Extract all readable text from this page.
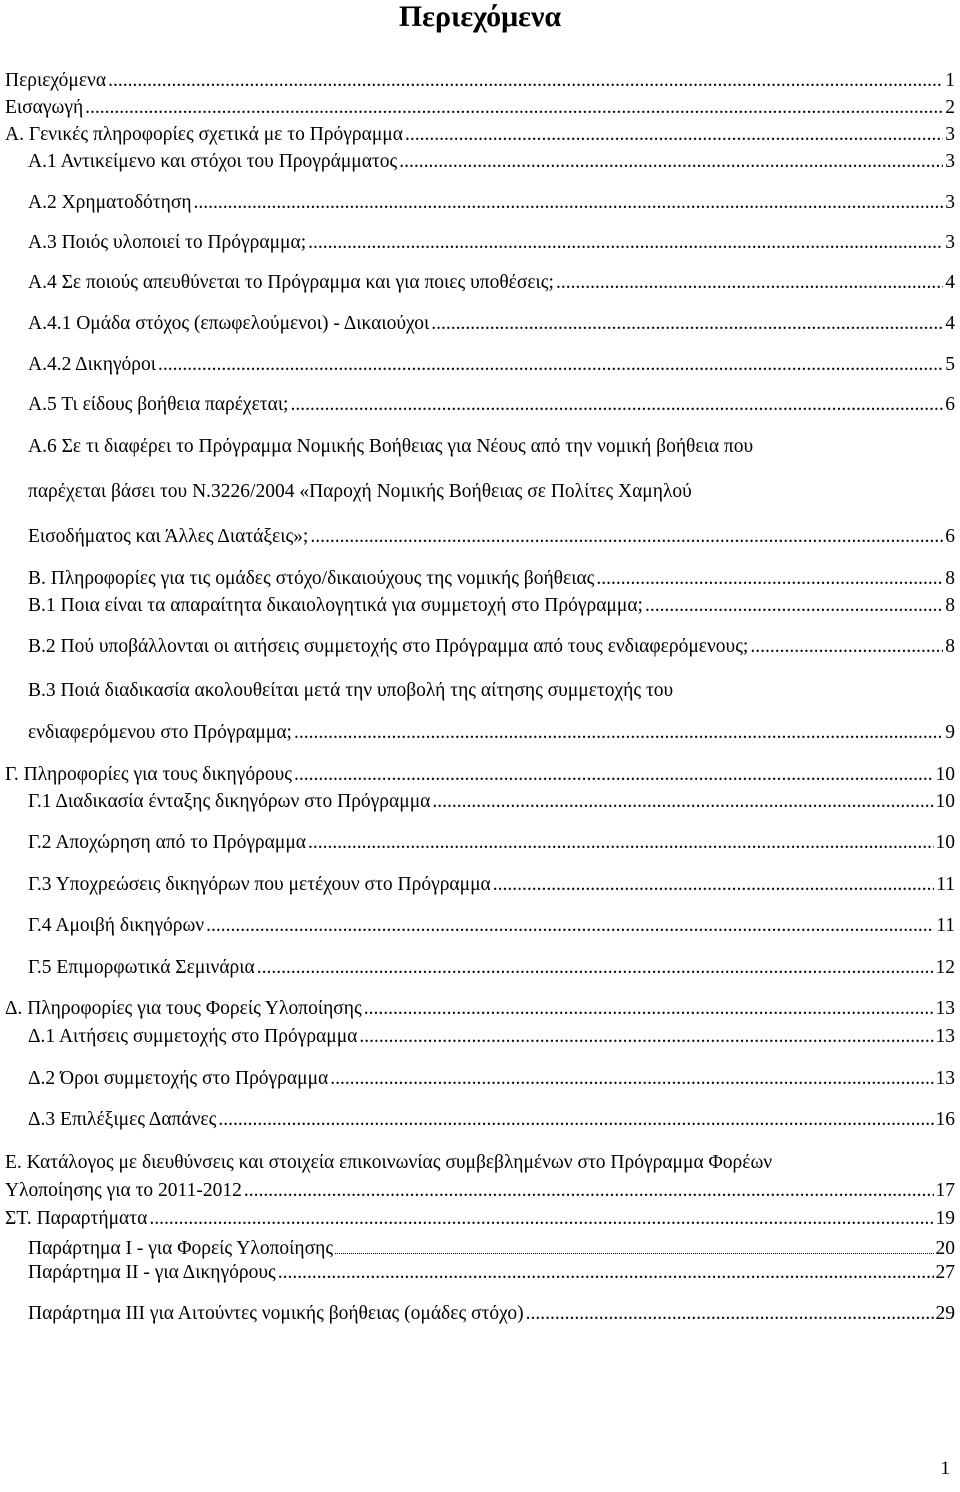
Περιεχόμενα
Περιεχόμενα .....	1
Εισαγωγή .....	2
Α. Γενικές πληροφορίες σχετικά με το Πρόγραμμα .....	3
Α.1 Αντικείμενο και στόχοι του Προγράμματος .....	3
Α.2 Χρηματοδότηση .....	3
Α.3 Ποιός υλοποιεί το Πρόγραμμα; .....	3
Α.4 Σε ποιούς απευθύνεται το Πρόγραμμα και για ποιες υποθέσεις; .....	4
Α.4.1 Ομάδα στόχος (επωφελούμενοι) - Δικαιούχοι .....	4
Α.4.2 Δικηγόροι .....	5
Α.5 Τι είδους βοήθεια παρέχεται; .....	6
Α.6 Σε τι διαφέρει το Πρόγραμμα Νομικής Βοήθειας για Νέους από την νομική βοήθεια που
παρέχεται βάσει του Ν.3226/2004 «Παροχή Νομικής Βοήθειας σε Πολίτες Χαμηλού
Εισοδήματος και Άλλες Διατάξεις»; .....	6
Β. Πληροφορίες για τις ομάδες στόχο/δικαιούχους της νομικής βοήθειας .....	8
Β.1 Ποια είναι τα απαραίτητα δικαιολογητικά για συμμετοχή στο Πρόγραμμα; .....	8
Β.2 Πού υποβάλλονται οι αιτήσεις συμμετοχής στο Πρόγραμμα από τους ενδιαφερόμενους; .....	8
Β.3 Ποιά διαδικασία ακολουθείται μετά την υποβολή της αίτησης συμμετοχής του
ενδιαφερόμενου στο Πρόγραμμα; .....	9
Γ. Πληροφορίες για τους δικηγόρους .....	10
Γ.1 Διαδικασία ένταξης δικηγόρων στο Πρόγραμμα .....	10
Γ.2 Αποχώρηση από το Πρόγραμμα .....	10
Γ.3 Υποχρεώσεις δικηγόρων που μετέχουν στο Πρόγραμμα .....	11
Γ.4 Αμοιβή δικηγόρων .....	11
Γ.5 Επιμορφωτικά Σεμινάρια .....	12
Δ. Πληροφορίες για τους Φορείς Υλοποίησης .....	13
Δ.1 Αιτήσεις συμμετοχής στο Πρόγραμμα .....	13
Δ.2 Όροι συμμετοχής στο Πρόγραμμα .....	13
Δ.3 Επιλέξιμες Δαπάνες .....	16
Ε. Κατάλογος με διευθύνσεις και στοιχεία επικοινωνίας συμβεβλημένων στο Πρόγραμμα Φορέων
Υλοποίησης για το 2011-2012 .....	17
ΣΤ. Παραρτήματα .....	19
Παράρτημα Ι - για Φορείς Υλοποίησης	20
Παράρτημα ΙΙ - για Δικηγόρους .....	27
Παράρτημα ΙΙΙ για Αιτούντες νομικής βοήθειας (ομάδες στόχο) .....	29
1
